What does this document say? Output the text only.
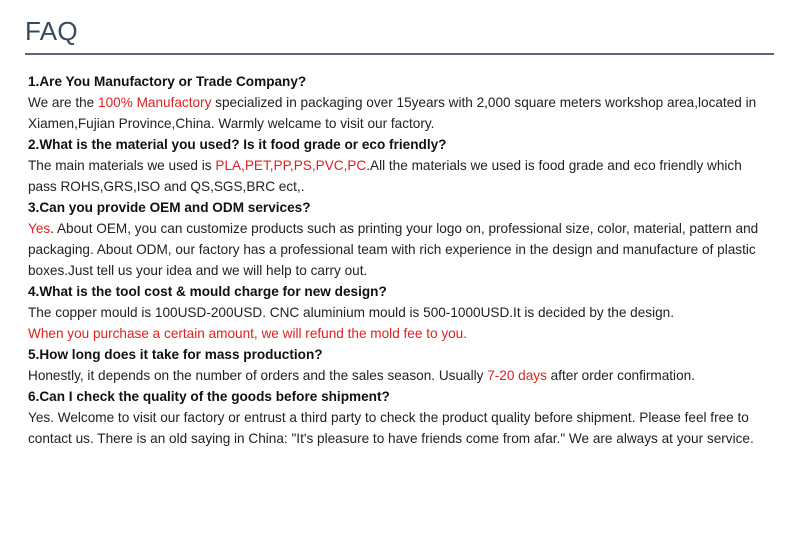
FAQ
1.Are You Manufactory or Trade Company?
We are the 100% Manufactory specialized in packaging over 15years with 2,000 square meters workshop area,located in Xiamen,Fujian Province,China. Warmly welcame to visit our factory.
2.What is the material you used? Is it food grade or eco friendly?
The main materials we used is PLA,PET,PP,PS,PVC,PC.All the materials we used is food grade and eco friendly which pass ROHS,GRS,ISO and QS,SGS,BRC ect,.
3.Can you provide OEM and ODM services?
Yes. About OEM, you can customize products such as printing your logo on, professional size, color, material, pattern and
packaging. About ODM, our factory has a professional team with rich experience in the design and manufacture of plastic boxes.Just tell us your idea and we will help to carry out.
4.What is the tool cost & mould charge for new design?
The copper mould is 100USD-200USD. CNC aluminium mould is 500-1000USD.It is decided by the design.
When you purchase a certain amount, we will refund the mold fee to you.
5.How long does it take for mass production?
Honestly, it depends on the number of orders and the sales season. Usually 7-20 days after order confirmation.
6.Can I check the quality of the goods before shipment?
Yes. Welcome to visit our factory or entrust a third party to check the product quality before shipment. Please feel free to
contact us. There is an old saying in China: "It's pleasure to have friends come from afar." We are always at your service.
